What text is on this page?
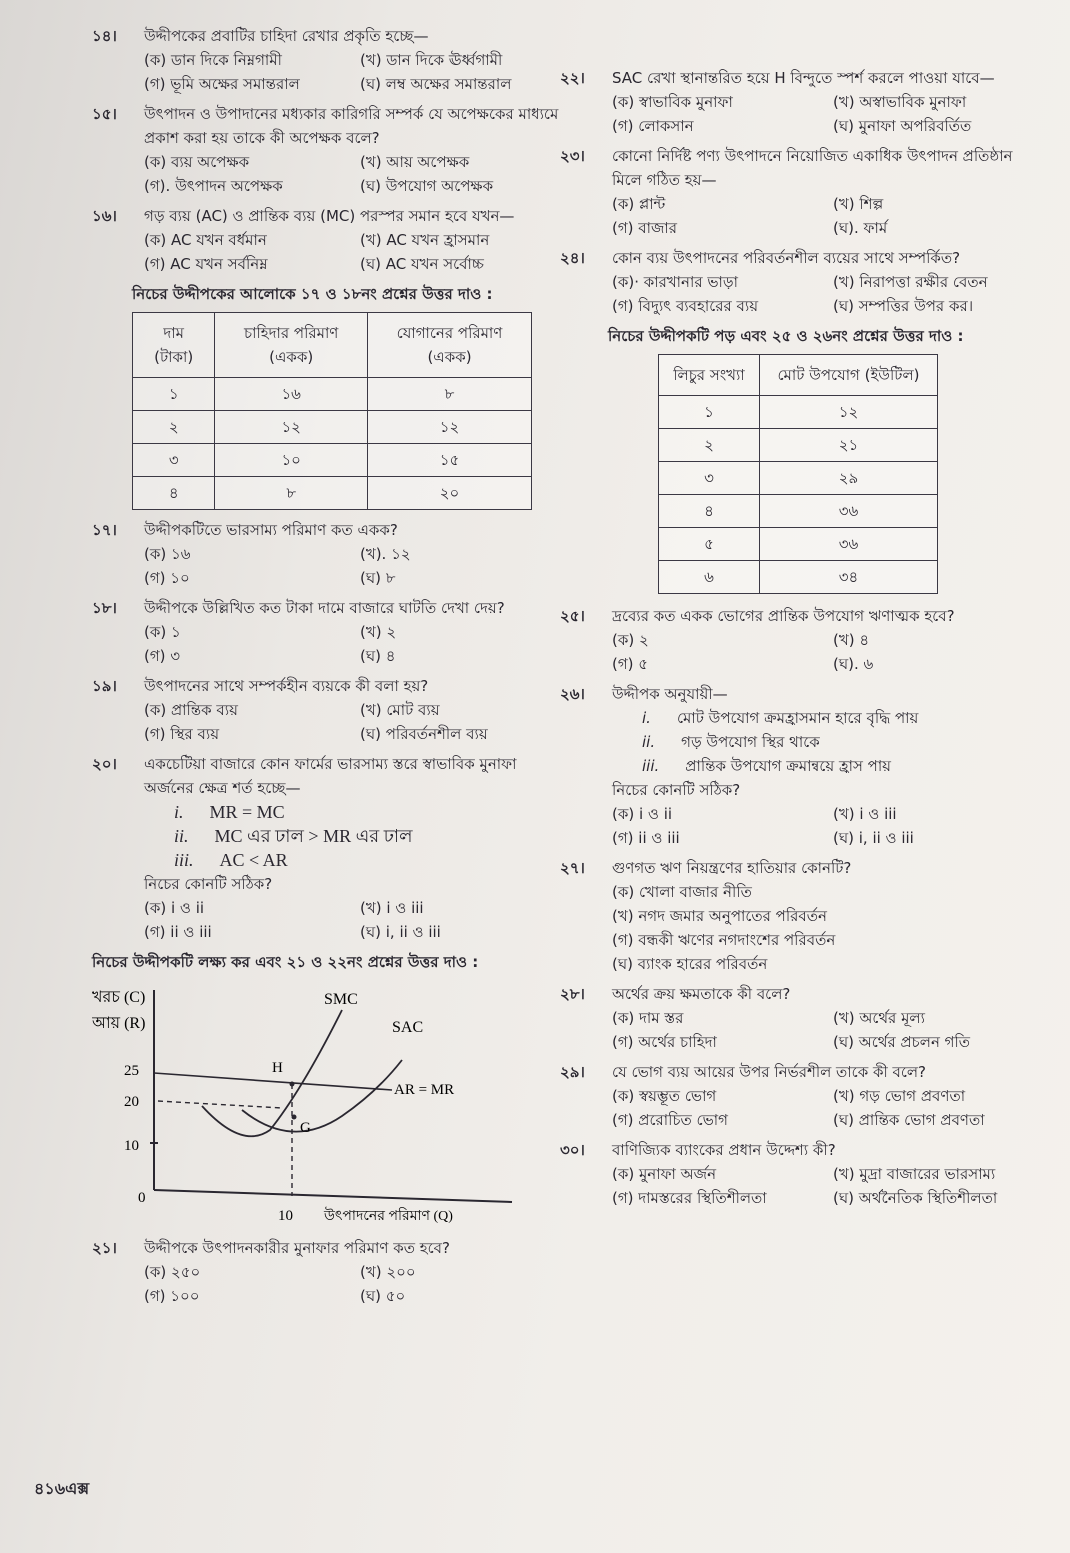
১৪। উদ্দীপকের প্রবাটির চাহিদা রেখার প্রকৃতি হচ্ছে—
(ক) ডান দিকে নিম্নগামী	(খ) ডান দিকে ঊর্ধ্বগামী
(গ) ভূমি অক্ষের সমান্তরাল	(ঘ) লম্ব অক্ষের সমান্তরাল
১৫। উৎপাদন ও উপাদানের মধ্যকার কারিগরি সম্পর্ক যে অপেক্ষকের মাধ্যমে প্রকাশ করা হয় তাকে কী অপেক্ষক বলে?
(ক) ব্যয় অপেক্ষক	(খ) আয় অপেক্ষক
(গ). উৎপাদন অপেক্ষক	(ঘ) উপযোগ অপেক্ষক
১৬। গড় ব্যয় (AC) ও প্রান্তিক ব্যয় (MC) পরস্পর সমান হবে যখন—
(ক) AC যখন বর্ধমান	(খ) AC যখন হ্রাসমান
(গ) AC যখন সর্বনিম্ন	(ঘ) AC যখন সর্বোচ্চ
নিচের উদ্দীপকের আলোকে ১৭ ও ১৮নং প্রশ্নের উত্তর দাও :
দাম (টাকা)	চাহিদার পরিমাণ (একক)	যোগানের পরিমাণ (একক)
১	১৬	৮
২	১২	১২
৩	১০	১৫
৪	৮	২০
১৭। উদ্দীপকটিতে ভারসাম্য পরিমাণ কত একক?
(ক) ১৬	(খ). ১২
(গ) ১০	(ঘ) ৮
১৮। উদ্দীপকে উল্লিখিত কত টাকা দামে বাজারে ঘাটতি দেখা দেয়?
(ক) ১	(খ) ২
(গ) ৩	(ঘ) ৪
১৯। উৎপাদনের সাথে সম্পর্কহীন ব্যয়কে কী বলা হয়?
(ক) প্রান্তিক ব্যয়	(খ) মোট ব্যয়
(গ) স্থির ব্যয়	(ঘ) পরিবর্তনশীল ব্যয়
২০। একচেটিয়া বাজারে কোন ফার্মের ভারসাম্য স্তরে স্বাভাবিক মুনাফা অর্জনের ক্ষেত্র শর্ত হচ্ছে—
i. MR = MC
ii. MC এর ঢাল > MR এর ঢাল
iii. AC < AR
নিচের কোনটি সঠিক?
(ক) i ও ii	(খ) i ও iii
(গ) ii ও iii	(ঘ) i, ii ও iii
নিচের উদ্দীপকটি লক্ষ্য কর এবং ২১ ও ২২নং প্রশ্নের উত্তর দাও :
খরচ (C)
আয় (R)
0
25
20
10
10 উৎপাদনের পরিমাণ (Q)
AR = MR
SMC
SAC
H
G
২১। উদ্দীপকে উৎপাদনকারীর মুনাফার পরিমাণ কত হবে?
(ক) ২৫০	(খ) ২০০
(গ) ১০০	(ঘ) ৫০
২২। SAC রেখা স্থানান্তরিত হয়ে H বিন্দুতে স্পর্শ করলে পাওয়া যাবে—
(ক) স্বাভাবিক মুনাফা	(খ) অস্বাভাবিক মুনাফা
(গ) লোকসান	(ঘ) মুনাফা অপরিবর্তিত
২৩। কোনো নির্দিষ্ট পণ্য উৎপাদনে নিয়োজিত একাধিক উৎপাদন প্রতিষ্ঠান মিলে গঠিত হয়—
(ক) প্লান্ট	(খ) শিল্প
(গ) বাজার	(ঘ). ফার্ম
২৪। কোন ব্যয় উৎপাদনের পরিবর্তনশীল ব্যয়ের সাথে সম্পর্কিত?
(ক)· কারখানার ভাড়া	(খ) নিরাপত্তা রক্ষীর বেতন
(গ) বিদ্যুৎ ব্যবহারের ব্যয়	(ঘ) সম্পত্তির উপর কর।
নিচের উদ্দীপকটি পড় এবং ২৫ ও ২৬নং প্রশ্নের উত্তর দাও :
লিচুর সংখ্যা	মোট উপযোগ (ইউটিল)
১	১২
২	২১
৩	২৯
৪	৩৬
৫	৩৬
৬	৩৪
২৫। দ্রব্যের কত একক ভোগের প্রান্তিক উপযোগ ঋণাত্মক হবে?
(ক) ২	(খ) ৪
(গ) ৫	(ঘ). ৬
২৬। উদ্দীপক অনুযায়ী—
i. মোট উপযোগ ক্রমহ্রাসমান হারে বৃদ্ধি পায়
ii. গড় উপযোগ স্থির থাকে
iii. প্রান্তিক উপযোগ ক্রমান্বয়ে হ্রাস পায়
নিচের কোনটি সঠিক?
(ক) i ও ii	(খ) i ও iii
(গ) ii ও iii	(ঘ) i, ii ও iii
২৭। গুণগত ঋণ নিয়ন্ত্রণের হাতিয়ার কোনটি?
(ক) খোলা বাজার নীতি
(খ) নগদ জমার অনুপাতের পরিবর্তন
(গ) বন্ধকী ঋণের নগদাংশের পরিবর্তন
(ঘ) ব্যাংক হারের পরিবর্তন
২৮। অর্থের ক্রয় ক্ষমতাকে কী বলে?
(ক) দাম স্তর	(খ) অর্থের মূল্য
(গ) অর্থের চাহিদা	(ঘ) অর্থের প্রচলন গতি
২৯। যে ভোগ ব্যয় আয়ের উপর নির্ভরশীল তাকে কী বলে?
(ক) স্বয়ম্ভূত ভোগ	(খ) গড় ভোগ প্রবণতা
(গ) প্ররোচিত ভোগ	(ঘ) প্রান্তিক ভোগ প্রবণতা
৩০। বাণিজ্যিক ব্যাংকের প্রধান উদ্দেশ্য কী?
(ক) মুনাফা অর্জন	(খ) মুদ্রা বাজারের ভারসাম্য
(গ) দামস্তরের স্থিতিশীলতা	(ঘ) অর্থনৈতিক স্থিতিশীলতা
৪১৬এক্স
